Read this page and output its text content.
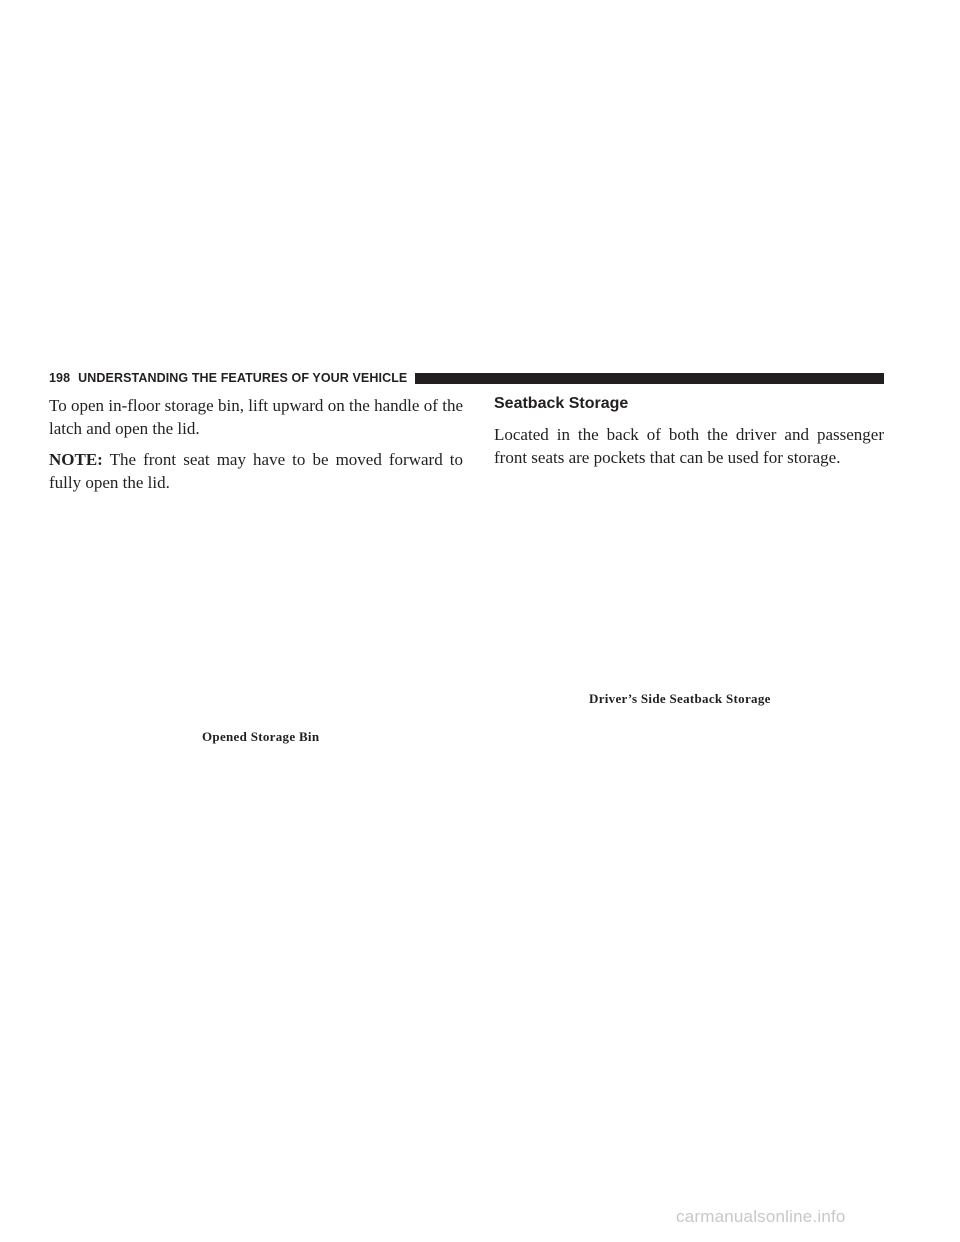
198 UNDERSTANDING THE FEATURES OF YOUR VEHICLE

To open in-floor storage bin, lift upward on the handle of the latch and open the lid.

NOTE: The front seat may have to be moved forward to fully open the lid.

Seatback Storage

Located in the back of both the driver and passenger front seats are pockets that can be used for storage.

Opened Storage Bin
Driver’s Side Seatback Storage
carmanualsonline.info
